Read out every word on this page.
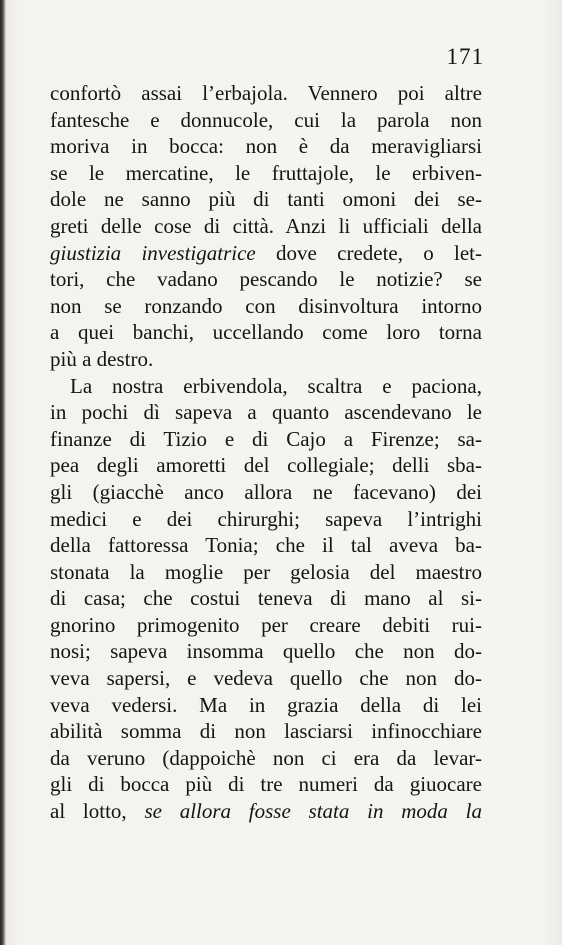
171
confortò assai l’erbajola. Vennero poi altre
fantesche e donnucole, cui la parola non
moriva in bocca: non è da meravigliarsi
se le mercatine, le fruttajole, le erbiven-
dole ne sanno più di tanti omoni dei se-
greti delle cose di città. Anzi li ufficiali della
giustizia investigatrice dove credete, o let-
tori, che vadano pescando le notizie? se
non se ronzando con disinvoltura intorno
a quei banchi, uccellando come loro torna
più a destro.
La nostra erbivendola, scaltra e paciona,
in pochi dì sapeva a quanto ascendevano le
finanze di Tizio e di Cajo a Firenze; sa-
pea degli amoretti del collegiale; delli sba-
gli (giacchè anco allora ne facevano) dei
medici e dei chirurghi; sapeva l’intrighi
della fattoressa Tonia; che il tal aveva ba-
stonata la moglie per gelosia del maestro
di casa; che costui teneva di mano al si-
gnorino primogenito per creare debiti rui-
nosi; sapeva insomma quello che non do-
veva sapersi, e vedeva quello che non do-
veva vedersi. Ma in grazia della di lei
abilità somma di non lasciarsi infinocchiare
da veruno (dappoichè non ci era da levar-
gli di bocca più di tre numeri da giuocare
al lotto, se allora fosse stata in moda la
